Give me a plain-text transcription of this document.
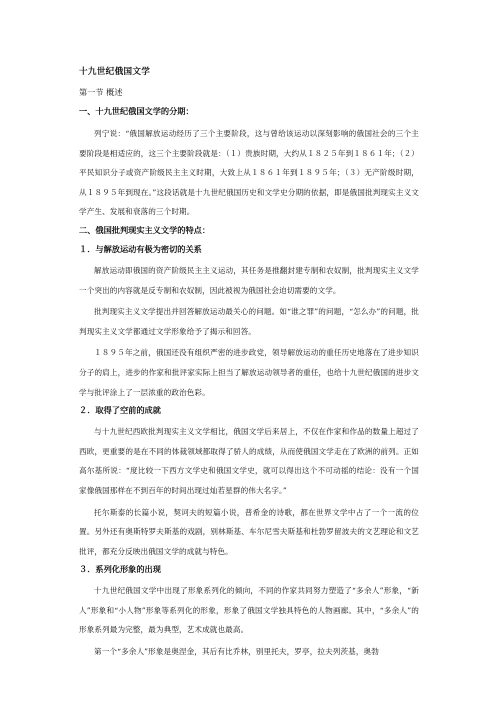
十九世纪俄国文学
第一节 概述
一、十九世纪俄国文学的分期：

列宁说：“俄国解放运动经历了三个主要阶段，这与曾给该运动以深刻影响的俄国社会的三个主要阶段是相适应的，这三个主要阶段就是：（１）贵族时期，大约从１８２５年到１８６１年；（２）平民知识分子或资产阶级民主主义时期，大致上从１８６１年到１８９５年；（３）无产阶级时期，从１８９５年到现在。”这段话就是十九世纪俄国历史和文学史分期的依据，即是俄国批判现实主义文学产生、发展和衰落的三个时期。

二、俄国批判现实主义文学的特点：
１．与解放运动有极为密切的关系

解放运动即俄国的资产阶级民主主义运动，其任务是推翻封建专制和农奴制，批判现实主义文学一个突出的内容就是反专制和农奴制，因此被视为俄国社会迫切需要的文学。

批判现实主义文学提出并回答解放运动最关心的问题。如“谁之罪”的问题，“怎么办”的问题，批判现实主义文学都通过文学形象给予了揭示和回答。

１８９５年之前，俄国还没有组织严密的进步政党，领导解放运动的重任历史地落在了进步知识分子的肩上，进步的作家和批评家实际上担当了解放运动领导者的重任，也给十九世纪俄国的进步文学与批评涂上了一层浓重的政治色彩。

２．取得了空前的成就

与十九世纪西欧批判现实主义文学相比，俄国文学后来居上，不仅在作家和作品的数量上超过了西欧，更重要的是在不同的体裁领域都取得了骄人的成绩，从而使俄国文学走在了欧洲的前列。正如高尔基所说：“度比较一下西方文学史和俄国文学史，就可以得出这个不可动摇的结论：没有一个国家像俄国那样在不到百年的时间出现过灿若星群的伟大名字。”

托尔斯泰的长篇小说，契诃夫的短篇小说，普希金的诗歌，都在世界文学中占了一个一流的位置。另外还有奥斯特罗夫斯基的戏剧，别林斯基、车尔尼雪夫斯基和杜勃罗留波夫的文艺理论和文艺批评，都充分反映出俄国文学的成就与特色。

３．系列化形象的出现

十九世纪俄国文学中出现了形象系列化的倾向，不同的作家共同努力塑造了“多余人”形象，“新人”形象和“小人物”形象等系列化的形象，形象了俄国文学独具特色的人物画廊。其中，“多余人”的形象系列最为完整，最为典型，艺术成就也最高。

第一个“多余人”形象是奥涅金，其后有比乔林，别里托夫，罗亭，拉夫列茨基，奥勃
